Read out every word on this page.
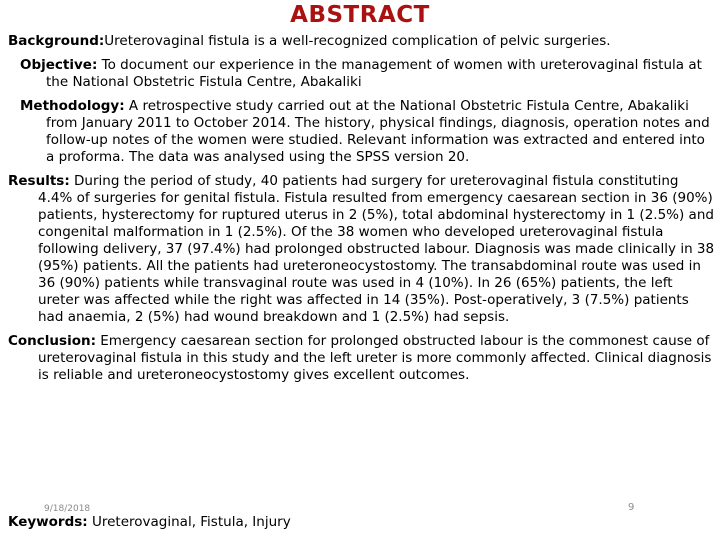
ABSTRACT

Background:Ureterovaginal fistula is a well-recognized complication of pelvic surgeries.

Objective: To document our experience in the management of women with ureterovaginal fistula at the National Obstetric Fistula Centre, Abakaliki

Methodology: A retrospective study carried out at the National Obstetric Fistula Centre, Abakaliki from January 2011 to October 2014. The history, physical findings, diagnosis, operation notes and follow-up notes of the women were studied. Relevant information was extracted and entered into a proforma. The data was analysed using the SPSS version 20.

Results: During the period of study, 40 patients had surgery for ureterovaginal fistula constituting 4.4% of surgeries for genital fistula. Fistula resulted from emergency caesarean section in 36 (90%) patients, hysterectomy for ruptured uterus in 2 (5%), total abdominal hysterectomy in 1 (2.5%) and congenital malformation in 1 (2.5%). Of the 38 women who developed ureterovaginal fistula following delivery, 37 (97.4%) had prolonged obstructed labour. Diagnosis was made clinically in 38 (95%) patients. All the patients had ureteroneocystostomy. The transabdominal route was used in 36 (90%) patients while transvaginal route was used in 4 (10%). In 26 (65%) patients, the left ureter was affected while the right was affected in 14 (35%). Post-operatively, 3 (7.5%) patients had anaemia, 2 (5%) had wound breakdown and 1 (2.5%) had sepsis.

Conclusion: Emergency caesarean section for prolonged obstructed labour is the commonest cause of ureterovaginal fistula in this study and the left ureter is more commonly affected. Clinical diagnosis is reliable and ureteroneocystostomy gives excellent outcomes.

Keywords: Ureterovaginal, Fistula, Injury

9/18/2018	9
